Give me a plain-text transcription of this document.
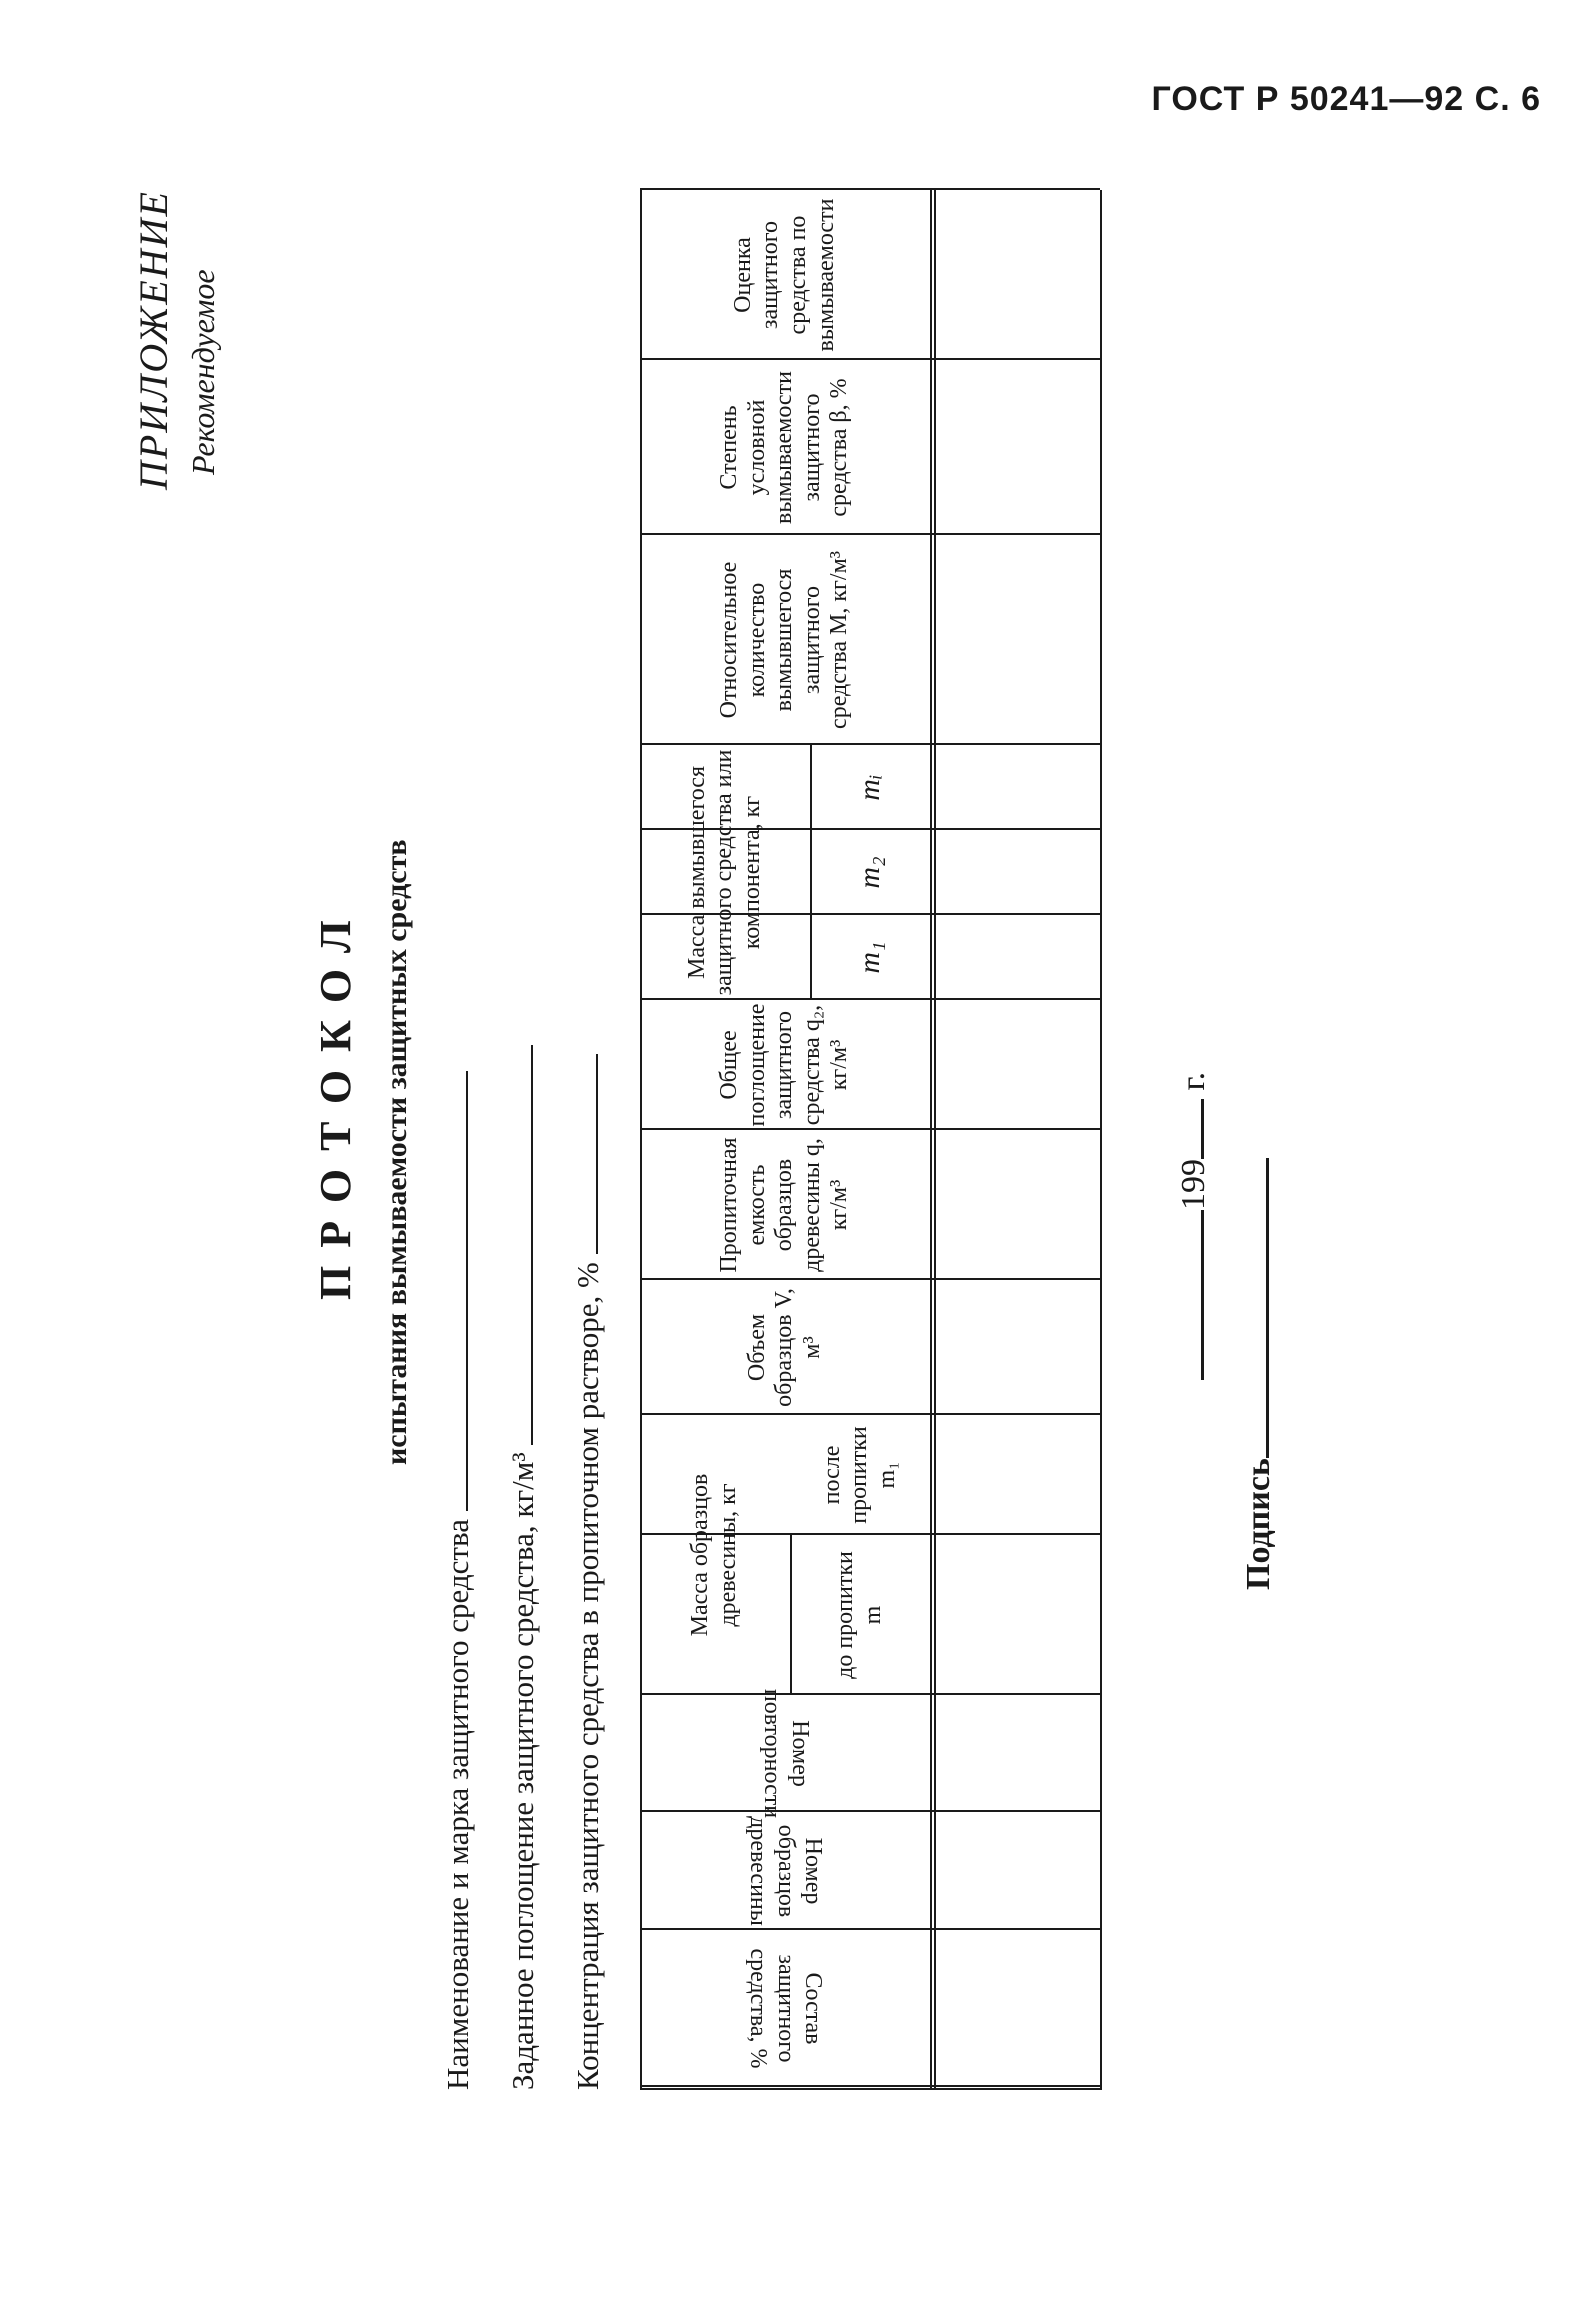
ГОСТ Р 50241—92 С. 6
ПРИЛОЖЕНИЕ Рекомендуемое
ПРОТОКОЛ испытания вымываемости защитных средств
Наименование и марка защитного средства Заданное поглощение защитного средства, кг/м³ Концентрация защитного средства в пропиточном растворе, %	Состав защитного средства, %
Номер образцов древесины
Номер повторности
Масса образцов древесины, кг	до пропитки m
после пропитки m₁
Объем образцов V, м³
Пропиточная емкость образцов древесины q, кг/м³
Общее поглощение защитного средства q₂, кг/м³
Масса вымывшегося защитного средства или компонента, кг
m₁
m₂
mᵢ
Относительное количество вымывшегося защитного средства M, кг/м³
Степень условной вымываемости защитного средства β, %
Оценка защитного средства по вымываемости
199 г.
Подпись
